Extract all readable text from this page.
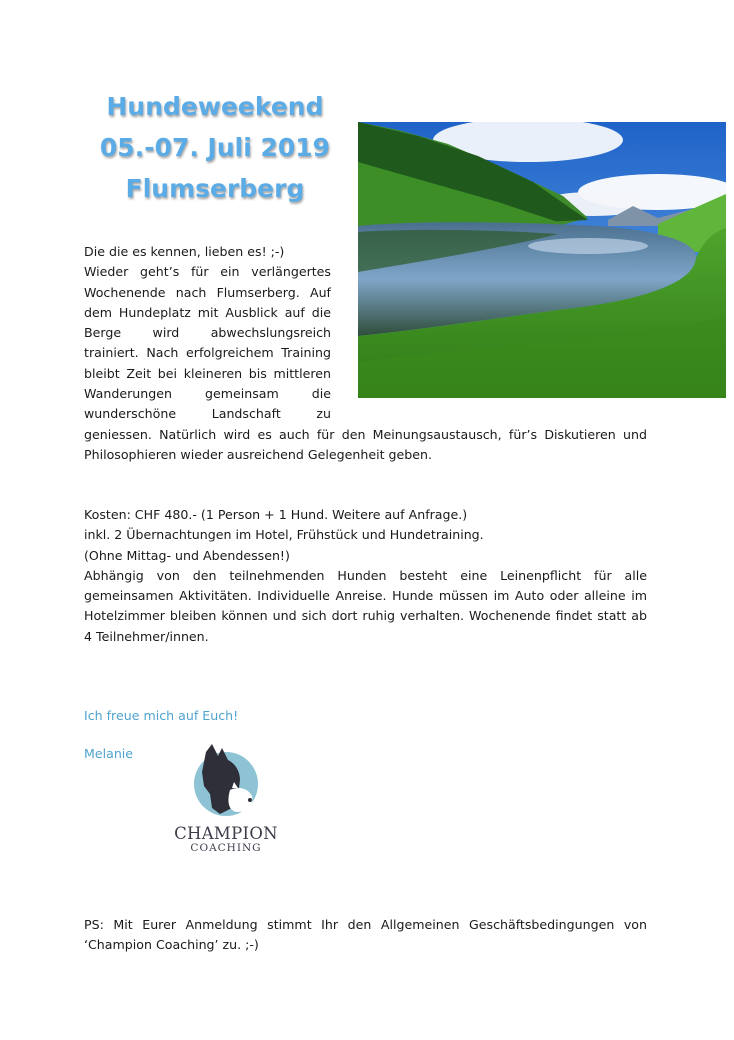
Hundeweekend
05.-07. Juli 2019
Flumserberg
Die die es kennen, lieben es! ;-)
Wieder geht’s für ein verlängertes Wochenende nach Flumserberg. Auf dem Hundeplatz mit Ausblick auf die Berge wird abwechslungsreich trainiert. Nach erfolgreichem Training bleibt Zeit bei kleineren bis mittleren Wanderungen gemeinsam die wunderschöne Landschaft zu geniessen. Natürlich wird es auch für den Meinungsaustausch, für’s Diskutieren und Philosophieren wieder ausreichend Gelegenheit geben.
Kosten: CHF 480.- (1 Person + 1 Hund. Weitere auf Anfrage.)
inkl. 2 Übernachtungen im Hotel, Frühstück und Hundetraining.
(Ohne Mittag- und Abendessen!)
Abhängig von den teilnehmenden Hunden besteht eine Leinenpflicht für alle gemeinsamen Aktivitäten. Individuelle Anreise. Hunde müssen im Auto oder alleine im Hotelzimmer bleiben können und sich dort ruhig verhalten. Wochenende findet statt ab 4 Teilnehmer/innen.
Ich freue mich auf Euch!
Melanie
CHAMPION
COACHING
PS: Mit Eurer Anmeldung stimmt Ihr den Allgemeinen Geschäftsbedingungen von ‘Champion Coaching’ zu. ;-)
